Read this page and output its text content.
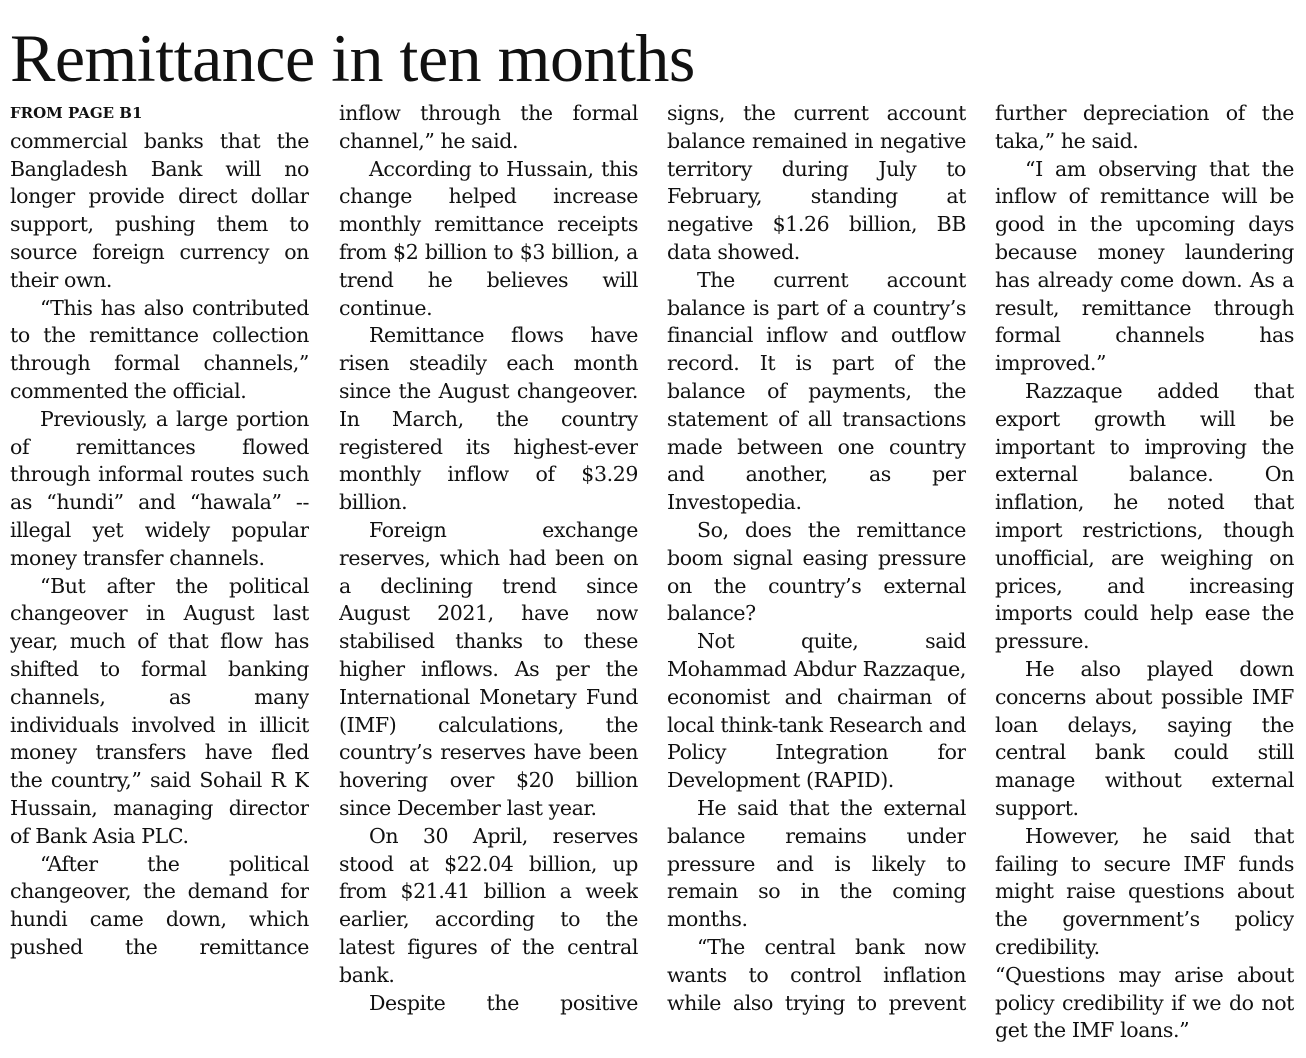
Remittance in ten months
FROM PAGE B1

commercial banks that the Bangladesh Bank will no longer provide direct dollar support, pushing them to source foreign currency on their own.

“This has also contributed to the remittance collection through formal channels,” commented the official.

Previously, a large portion of remittances flowed through informal routes such as “hundi” and “hawala” -- illegal yet widely popular money transfer channels.

“But after the political changeover in August last year, much of that flow has shifted to formal banking channels, as many individuals involved in illicit money transfers have fled the country,” said Sohail R K Hussain, managing director of Bank Asia PLC.

“After the political changeover, the demand for hundi came down, which pushed the remittance

inflow through the formal channel,” he said.

According to Hussain, this change helped increase monthly remittance receipts from $2 billion to $3 billion, a trend he believes will continue.

Remittance flows have risen steadily each month since the August changeover. In March, the country registered its highest-ever monthly inflow of $3.29 billion.

Foreign exchange reserves, which had been on a declining trend since August 2021, have now stabilised thanks to these higher inflows. As per the International Monetary Fund (IMF) calculations, the country’s reserves have been hovering over $20 billion since December last year.

On 30 April, reserves stood at $22.04 billion, up from $21.41 billion a week earlier, according to the latest figures of the central bank.

Despite the positive

signs, the current account balance remained in negative territory during July to February, standing at negative $1.26 billion, BB data showed.

The current account balance is part of a country’s financial inflow and outflow record. It is part of the balance of payments, the statement of all transactions made between one country and another, as per Investopedia.

So, does the remittance boom signal easing pressure on the country’s external balance?

Not quite, said Mohammad Abdur Razzaque, economist and chairman of local think-tank Research and Policy Integration for Development (RAPID).

He said that the external balance remains under pressure and is likely to remain so in the coming months.

“The central bank now wants to control inflation while also trying to prevent

further depreciation of the taka,” he said.

“I am observing that the inflow of remittance will be good in the upcoming days because money laundering has already come down. As a result, remittance through formal channels has improved.”

Razzaque added that export growth will be important to improving the external balance. On inflation, he noted that import restrictions, though unofficial, are weighing on prices, and increasing imports could help ease the pressure.

He also played down concerns about possible IMF loan delays, saying the central bank could still manage without external support.

However, he said that failing to secure IMF funds might raise questions about the government’s policy credibility.

“Questions may arise about policy credibility if we do not get the IMF loans.”
